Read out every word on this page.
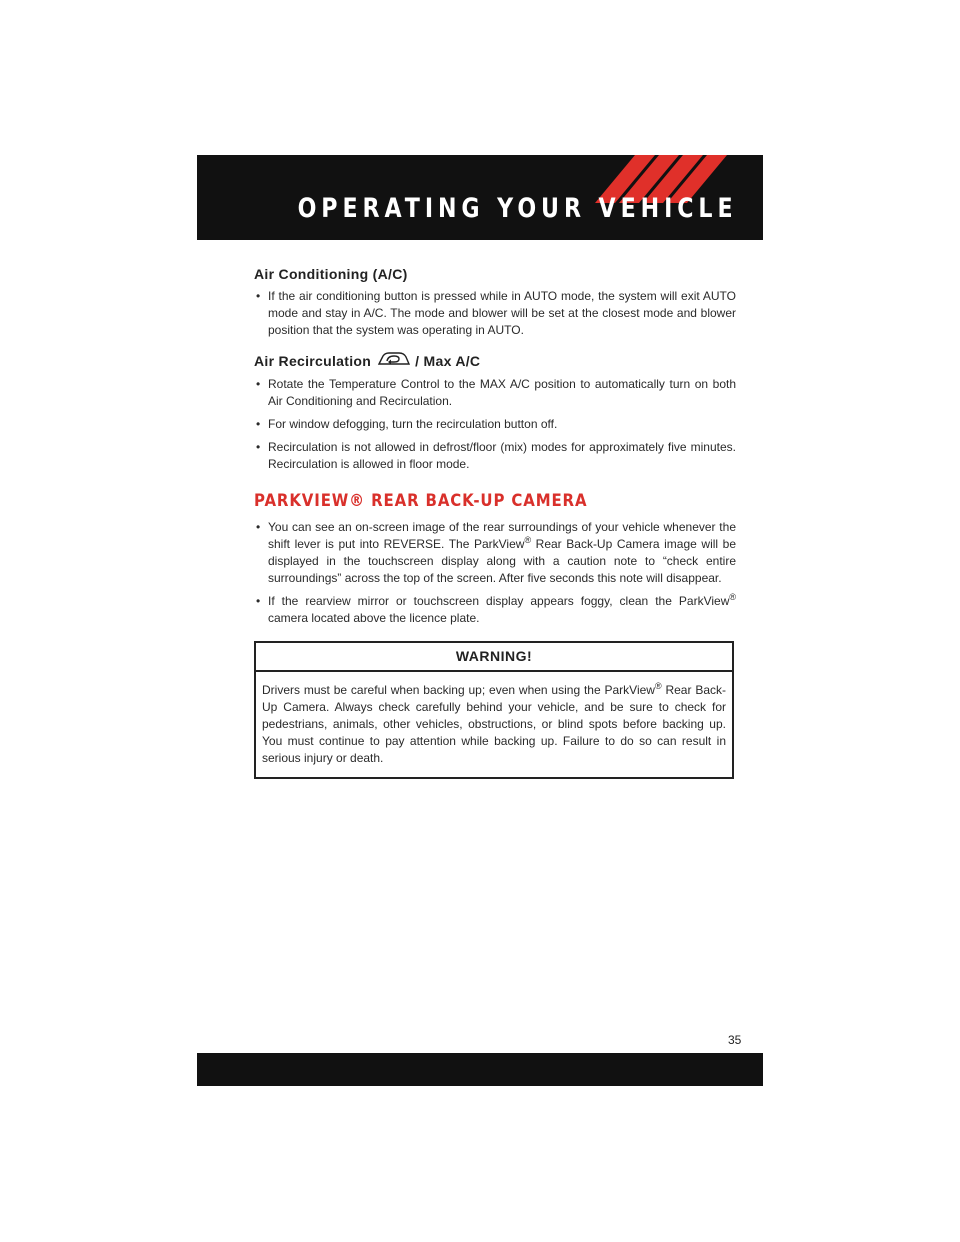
OPERATING YOUR VEHICLE
Air Conditioning (A/C)
• If the air conditioning button is pressed while in AUTO mode, the system will exit AUTO mode and stay in A/C. The mode and blower will be set at the closest mode and blower position that the system was operating in AUTO.
Air Recirculation	/ Max A/C
• Rotate the Temperature Control to the MAX A/C position to automatically turn on both Air Conditioning and Recirculation.
• For window defogging, turn the recirculation button off.
• Recirculation is not allowed in defrost/floor (mix) modes for approximately five minutes. Recirculation is allowed in floor mode.
PARKVIEW® REAR BACK-UP CAMERA
• You can see an on-screen image of the rear surroundings of your vehicle whenever the shift lever is put into REVERSE. The ParkView® Rear Back-Up Camera image will be displayed in the touchscreen display along with a caution note to “check entire surroundings” across the top of the screen. After five seconds this note will disappear.
• If the rearview mirror or touchscreen display appears foggy, clean the ParkView® camera located above the licence plate.
WARNING!
Drivers must be careful when backing up; even when using the ParkView® Rear Back-Up Camera. Always check carefully behind your vehicle, and be sure to check for pedestrians, animals, other vehicles, obstructions, or blind spots before backing up. You must continue to pay attention while backing up. Failure to do so can result in serious injury or death.
35
